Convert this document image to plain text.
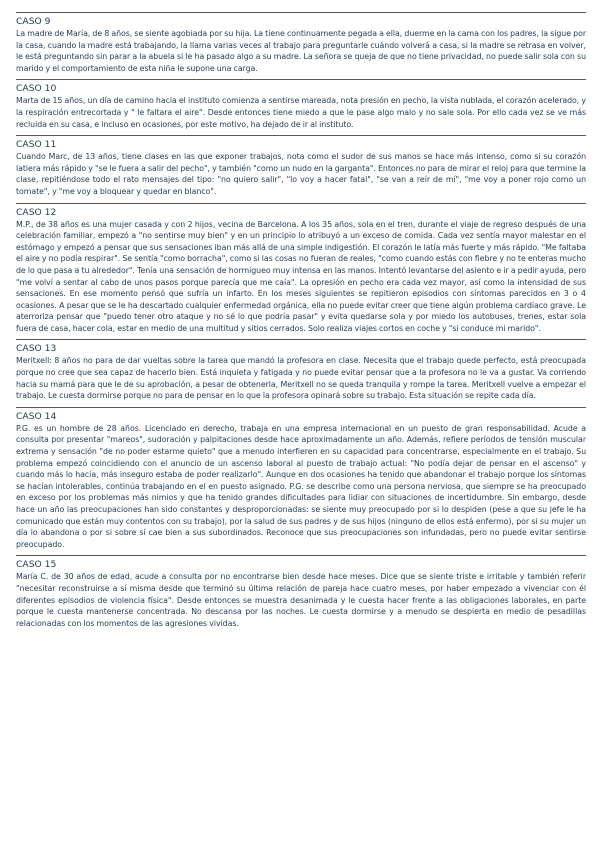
CASO 9

La madre de María, de 8 años, se siente agobiada por su hija. La tiene continuamente pegada a ella, duerme en la cama con los padres, la sigue por la casa, cuando la madre está trabajando, la llama varias veces al trabajo para preguntarle cuándo volverá a casa, si la madre se retrasa en volver, le está preguntando sin parar a la abuela si le ha pasado algo a su madre. La señora se queja de que no tiene privacidad, no puede salir sola con su marido y el comportamiento de esta niña le supone una carga.

CASO 10

Marta de 15 años, un día de camino hacia el instituto comienza a sentirse mareada, nota presión en pecho, la vista nublada, el corazón acelerado, y la respiración entrecortada y " le faltara el aire". Desde entonces tiene miedo a que le pase algo malo y no sale sola. Por ello cada vez se ve más recluida en su casa, e incluso en ocasiones, por este motivo, ha dejado de ir al instituto.

CASO 11

Cuando Marc, de 13 años, tiene clases en las que exponer trabajos, nota como el sudor de sus manos se hace más intenso, como si su corazón latiera más rápido y "se le fuera a salir del pecho", y también "como un nudo en la garganta". Entonces no para de mirar el reloj para que termine la clase, repitiéndose todo el rato mensajes del tipo: "no quiero salir", "lo voy a hacer fatal", "se van a reír de mí", "me voy a poner rojo como un tomate", y "me voy a bloquear y quedar en blanco".

CASO 12

M.P., de 38 años es una mujer casada y con 2 hijos, vecina de Barcelona. A los 35 años, sola en el tren, durante el viaje de regreso después de una celebración familiar, empezó a "no sentirse muy bien" y en un principio lo atribuyó a un exceso de comida. Cada vez sentía mayor malestar en el estómago y empezó a pensar que sus sensaciones iban más allá de una simple indigestión. El corazón le latía más fuerte y más rápido. "Me faltaba el aire y no podía respirar". Se sentía "como borracha", como si las cosas no fueran de reales, "como cuando estás con fiebre y no te enteras mucho de lo que pasa a tu alrededor". Tenía una sensación de hormigueo muy intensa en las manos. Intentó levantarse del asiento e ir a pedir ayuda, pero "me volví a sentar al cabo de unos pasos porque parecía que me caía". La opresión en pecho era cada vez mayor, así como la intensidad de sus sensaciones. En ese momento pensó que sufría un infarto. En los meses siguientes se repitieron episodios con síntomas parecidos en 3 o 4 ocasiones. A pesar que se le ha descartado cualquier enfermedad orgánica, ella no puede evitar creer que tiene algún problema cardíaco grave. Le aterroriza pensar que "puedo tener otro ataque y no sé lo que podría pasar" y evita quedarse sola y por miedo los autobuses, trenes, estar sola fuera de casa, hacer cola, estar en medio de una multitud y sitios cerrados. Solo realiza viajes cortos en coche y "si conduce mi marido".

CASO 13

Meritxell: 8 años no para de dar vueltas sobre la tarea que mandó la profesora en clase. Necesita que el trabajo quede perfecto, está preocupada porque no cree que sea capaz de hacerlo bien. Está inquieta y fatigada y no puede evitar pensar que a la profesora no le va a gustar. Va corriendo hacia su mamá para que le de su aprobación, a pesar de obtenerla, Meritxell no se queda tranquila y rompe la tarea. Meritxell vuelve a empezar el trabajo. Le cuesta dormirse porque no para de pensar en lo que la profesora opinará sobre su trabajo. Esta situación se repite cada día.

CASO 14

P.G. es un hombre de 28 años. Licenciado en derecho, trabaja en una empresa internacional en un puesto de gran responsabilidad. Acude a consulta por presentar "mareos", sudoración y palpitaciones desde hace aproximadamente un año. Además, refiere períodos de tensión muscular extrema y sensación "de no poder estarme quieto" que a menudo interfieren en su capacidad para concentrarse, especialmente en el trabajo. Su problema empezó coincidiendo con el anuncio de un ascenso laboral al puesto de trabajo actual: "No podía dejar de pensar en el ascenso" y cuando más lo hacía, más inseguro estaba de poder realizarlo". Aunque en dos ocasiones ha tenido que abandonar el trabajo porque los síntomas se hacían intolerables, continúa trabajando en el en puesto asignado. P.G. se describe como una persona nerviosa, que siempre se ha preocupado en exceso por los problemas más nimios y que ha tenido grandes dificultades para lidiar con situaciones de incertidumbre. Sin embargo, desde hace un año las preocupaciones han sido constantes y desproporcionadas: se siente muy preocupado por si lo despiden (pese a que su jefe le ha comunicado que están muy contentos con su trabajo), por la salud de sus padres y de sus hijos (ninguno de ellos está enfermo), por si su mujer un día lo abandona o por si sobre sí cae bien a sus subordinados. Reconoce que sus preocupaciones son infundadas, pero no puede evitar sentirse preocupado.

CASO 15

María C. de 30 años de edad, acude a consulta por no encontrarse bien desde hace meses. Dice que se siente triste e irritable y también referir "necesitar reconstruirse a sí misma desde que terminó su última relación de pareja hace cuatro meses, por haber empezado a vivenciar con él diferentes episodios de violencia física". Desde entonces se muestra desanimada y le cuesta hacer frente a las obligaciones laborales, en parte porque le cuesta mantenerse concentrada. No descansa por las noches. Le cuesta dormirse y a menudo se despierta en medio de pesadillas relacionadas con los momentos de las agresiones vividas.
